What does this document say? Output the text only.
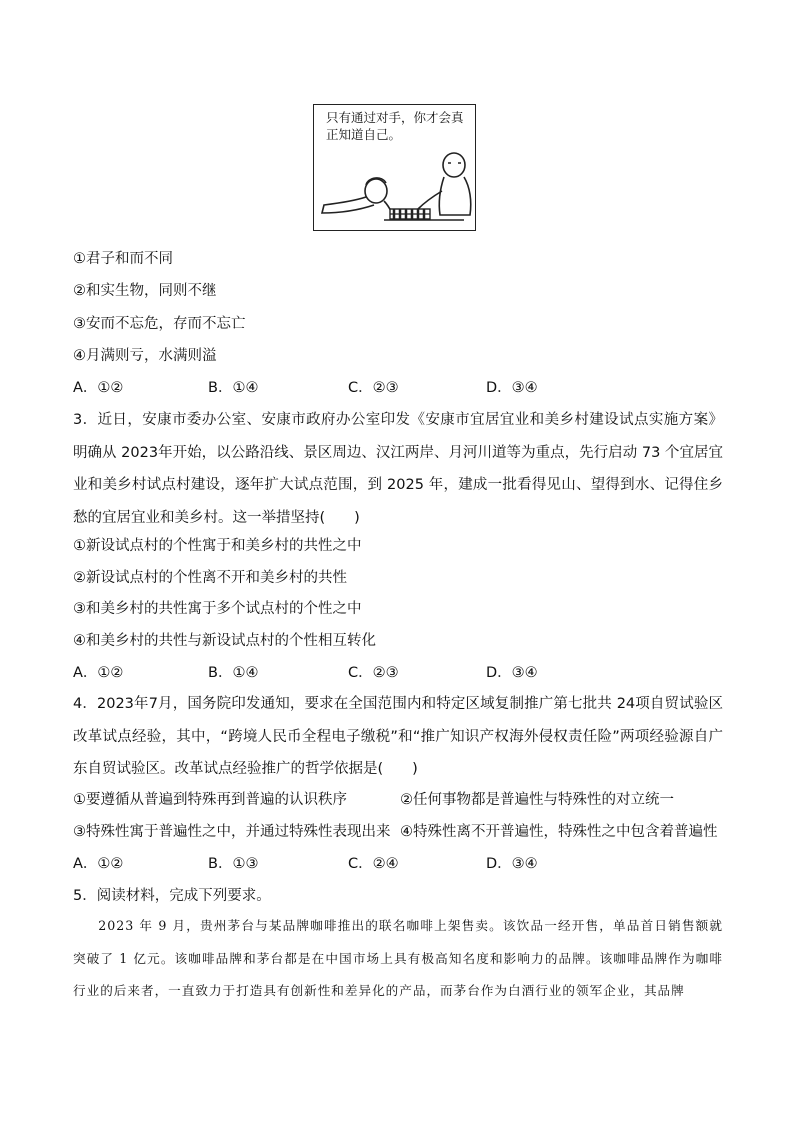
只有通过对手，你才会真正知道自己。
①君子和而不同
②和实生物，同则不继
③安而不忘危，存而不忘亡
④月满则亏，水满则溢
A．①②	B．①④	C．②③	D．③④
3．近日，安康市委办公室、安康市政府办公室印发《安康市宜居宜业和美乡村建设试点实施方案》 明确从 2023年开始，以公路沿线、景区周边、汉江两岸、月河川道等为重点，先行启动 73 个宜居宜业和美乡村试点村建设，逐年扩大试点范围，到 2025 年，建成一批看得见山、望得到水、记得住乡愁的宜居宜业和美乡村。这一举措坚持(　　)
①新设试点村的个性寓于和美乡村的共性之中
②新设试点村的个性离不开和美乡村的共性
③和美乡村的共性寓于多个试点村的个性之中
④和美乡村的共性与新设试点村的个性相互转化
A．①②	B．①④	C．②③	D．③④
4．2023年7月，国务院印发通知，要求在全国范围内和特定区域复制推广第七批共 24项自贸试验区改革试点经验，其中，“跨境人民币全程电子缴税”和“推广知识产权海外侵权责任险”两项经验源自广东自贸试验区。改革试点经验推广的哲学依据是(　　)
①要遵循从普遍到特殊再到普遍的认识秩序	②任何事物都是普遍性与特殊性的对立统一
③特殊性寓于普遍性之中，并通过特殊性表现出来 ④特殊性离不开普遍性，特殊性之中包含着普遍性
A．①②	B．①③	C．②④	D．③④
5．阅读材料，完成下列要求。
2023 年 9 月，贵州茅台与某品牌咖啡推出的联名咖啡上架售卖。该饮品一经开售，单品首日销售额就突破了 1 亿元。该咖啡品牌和茅台都是在中国市场上具有极高知名度和影响力的品牌。该咖啡品牌作为咖啡行业的后来者，一直致力于打造具有创新性和差异化的产品，而茅台作为白酒行业的领军企业，其品牌
